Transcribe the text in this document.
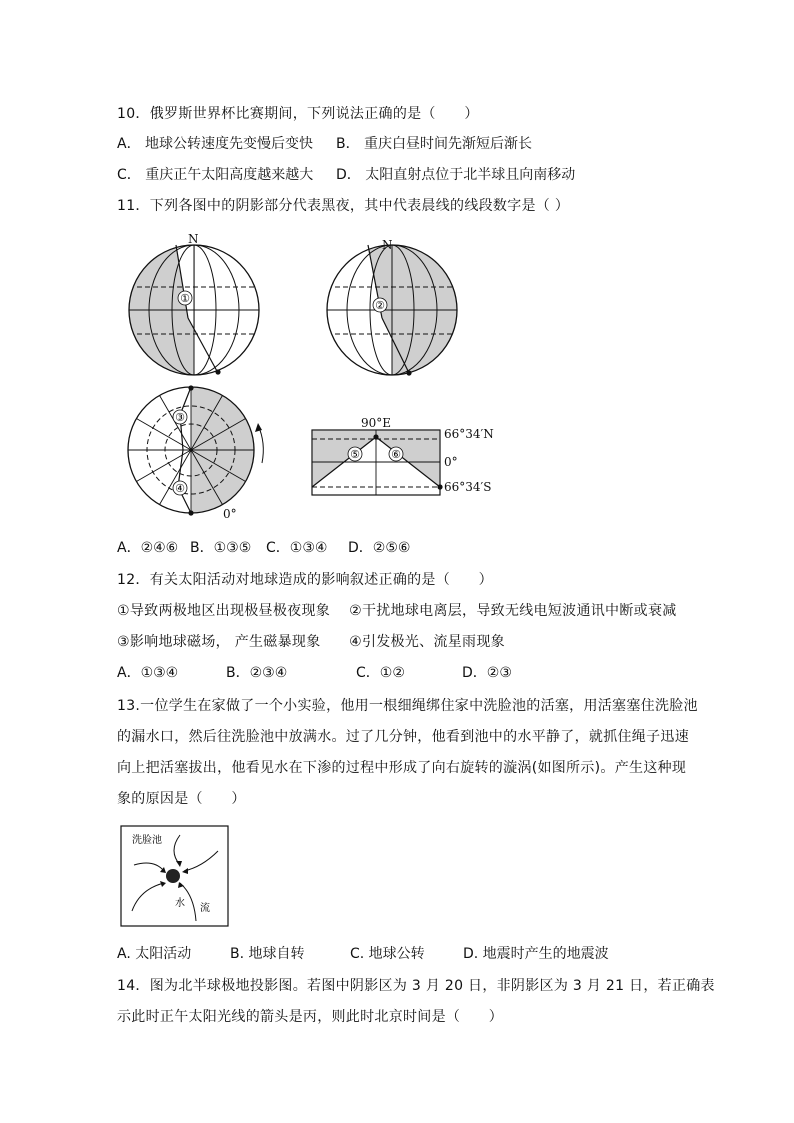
10．俄罗斯世界杯比赛期间，下列说法正确的是（　　）
A． 地球公转速度先变慢后变快 B． 重庆白昼时间先渐短后渐长
C． 重庆正午太阳高度越来越大 D． 太阳直射点位于北半球且向南移动
11．下列各图中的阴影部分代表黑夜，其中代表晨线的线段数字是（ ）
N
①
N
②
③
④
0°
90°E
66°34′N
0°
66°34′S
⑤	⑥
A．②④⑥ B．①③⑤ C．①③④ D．②⑤⑥
12．有关太阳活动对地球造成的影响叙述正确的是（　　）
①导致两极地区出现极昼极夜现象　 ②干扰地球电离层，导致无线电短波通讯中断或衰减
③影响地球磁场， 产生磁暴现象　　④引发极光、流星雨现象
A．①③④	B．②③④	C．①②	D．②③
13.一位学生在家做了一个小实验，他用一根细绳绑住家中洗脸池的活塞，用活塞塞住洗脸池
的漏水口，然后往洗脸池中放满水。过了几分钟，他看到池中的水平静了，就抓住绳子迅速
向上把活塞拔出，他看见水在下渗的过程中形成了向右旋转的漩涡(如图所示)。产生这种现
象的原因是（　　）
洗脸池
水 流
A. 太阳活动	B. 地球自转	C. 地球公转	D. 地震时产生的地震波
14．图为北半球极地投影图。若图中阴影区为 3 月 20 日，非阴影区为 3 月 21 日，若正确表
示此时正午太阳光线的箭头是丙，则此时北京时间是（　　）
